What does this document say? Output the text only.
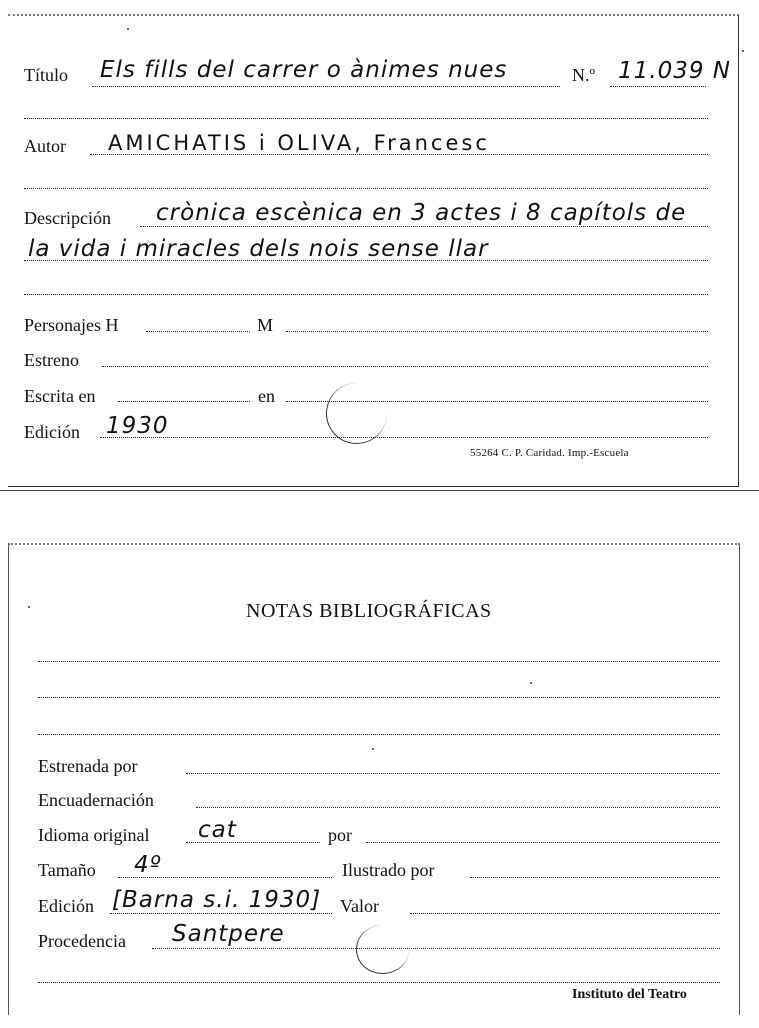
Título Els fills del carrer o ànimes nues	N.º 11.039 N
Autor AMICHATIS i OLIVA, Francesc
Descripción crònica escènica en 3 actes i 8 capítols de
la vida i miracles dels nois sense llar
Personajes H	M
Estreno
Escrita en	en
Edición 1930
55264 C. P. Caridad. Imp.-Escuela
NOTAS BIBLIOGRÁFICAS
Estrenada por
Encuadernación
Idioma original cat	por
Tamaño 4º	Ilustrado por
Edición [Barna s.i. 1930] Valor
Procedencia Santpere
Instituto del Teatro
